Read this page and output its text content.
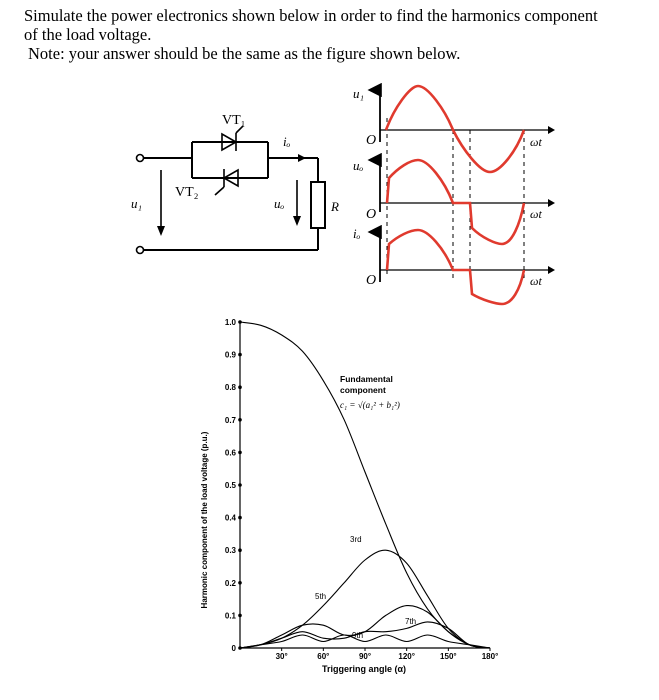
Simulate the power electronics shown below in order to find the harmonics component

of the load voltage.

Note: your answer should be the same as the figure shown below.

VT₁
VT₂
iₒ
u₁	uₒ	R
u₁
uₒ
iₒ
O
O
O
ωt
ωt
ωt
0
0.1
0.2
0.3
0.4
0.5
0.6
0.7
0.8
0.9
1.0
30°	60°	90°	120°	150°	180°
Harmonic component of the load voltage (p.u.)
Triggering angle (α)
Fundamental
component
c₁ = √(a₁² + b₁²)
3rd
5th
7th
9th
